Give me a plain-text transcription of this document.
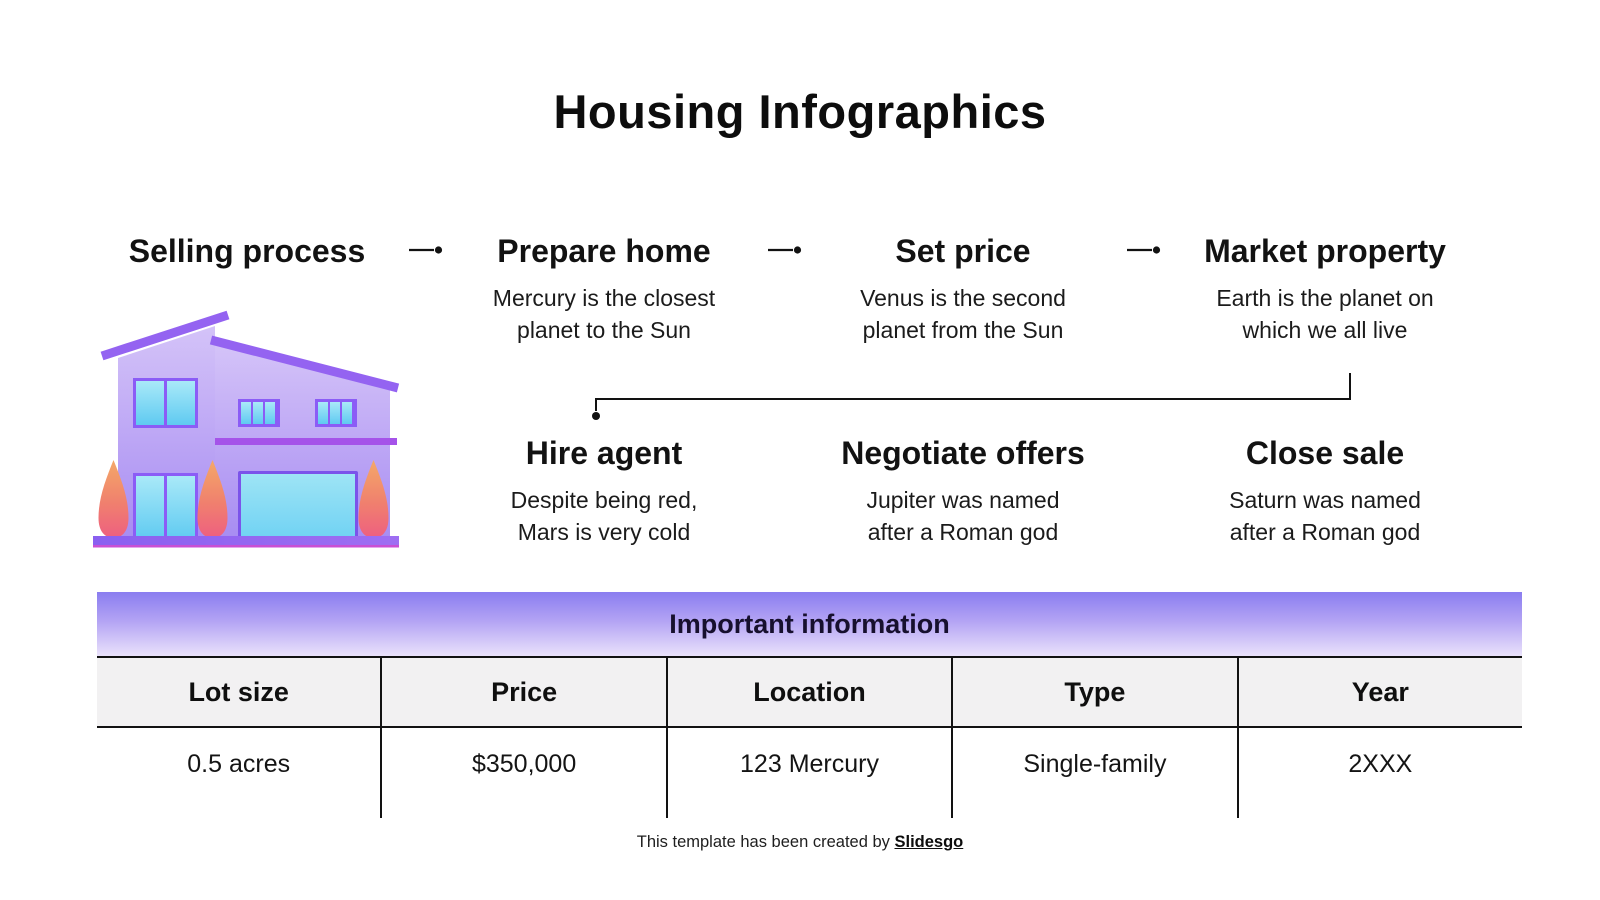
Housing Infographics
Selling process	Prepare home
Mercury is the closest
planet to the Sun
Set price
Venus is the second
planet from the Sun
Market property
Earth is the planet on
which we all live
Hire agent
Despite being red,
Mars is very cold
Negotiate offers
Jupiter was named
after a Roman god
Close sale
Saturn was named
after a Roman god
Important information
Lot size	Price	Location	Type	Year
0.5 acres	$350,000	123 Mercury	Single-family	2XXX
This template has been created by Slidesgo
